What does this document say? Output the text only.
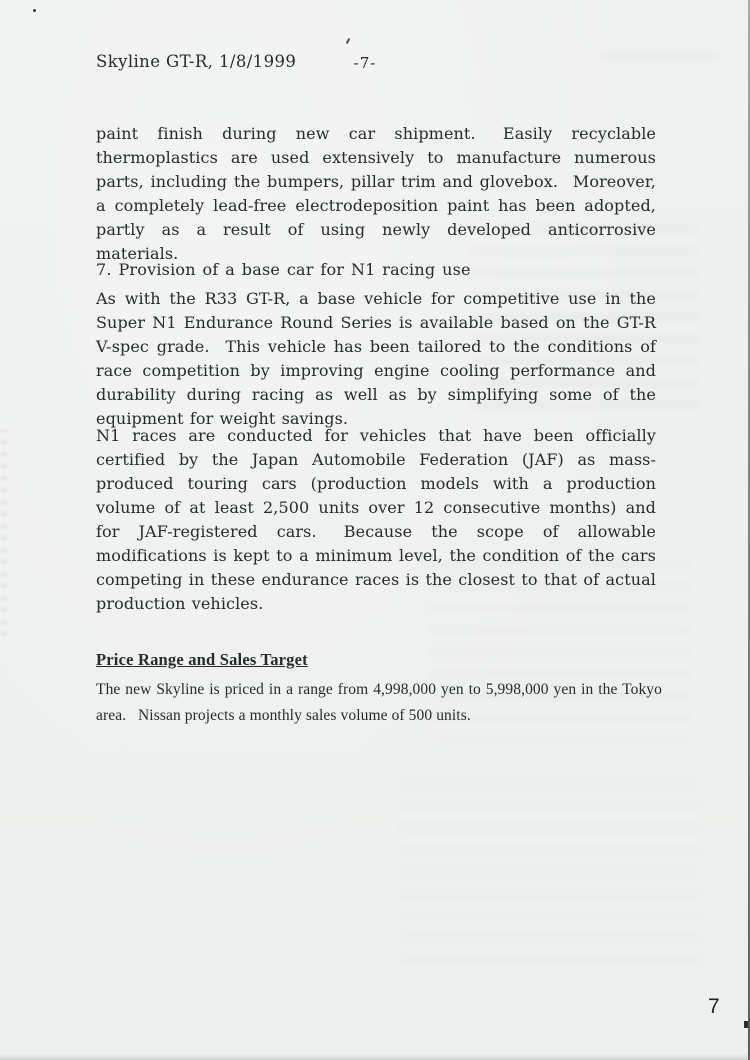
Skyline GT-R, 1/8/1999	-7-
paint finish during new car shipment.  Easily recyclable thermoplastics are used extensively to manufacture numerous parts, including the bumpers, pillar trim and glovebox.  Moreover, a completely lead-free electrodeposition paint has been adopted, partly as a result of using newly developed anticorrosive materials.
7. Provision of a base car for N1 racing use
As with the R33 GT-R, a base vehicle for competitive use in the Super N1 Endurance Round Series is available based on the GT-R V-spec grade.  This vehicle has been tailored to the conditions of race competition by improving engine cooling performance and durability during racing as well as by simplifying some of the equipment for weight savings.
N1 races are conducted for vehicles that have been officially certified by the Japan Automobile Federation (JAF) as mass-produced touring cars (production models with a production volume of at least 2,500 units over 12 consecutive months) and for JAF-registered cars.  Because the scope of allowable modifications is kept to a minimum level, the condition of the cars competing in these endurance races is the closest to that of actual production vehicles.
Price Range and Sales Target
The new Skyline is priced in a range from 4,998,000 yen to 5,998,000 yen in the Tokyo area.  Nissan projects a monthly sales volume of 500 units.
7
